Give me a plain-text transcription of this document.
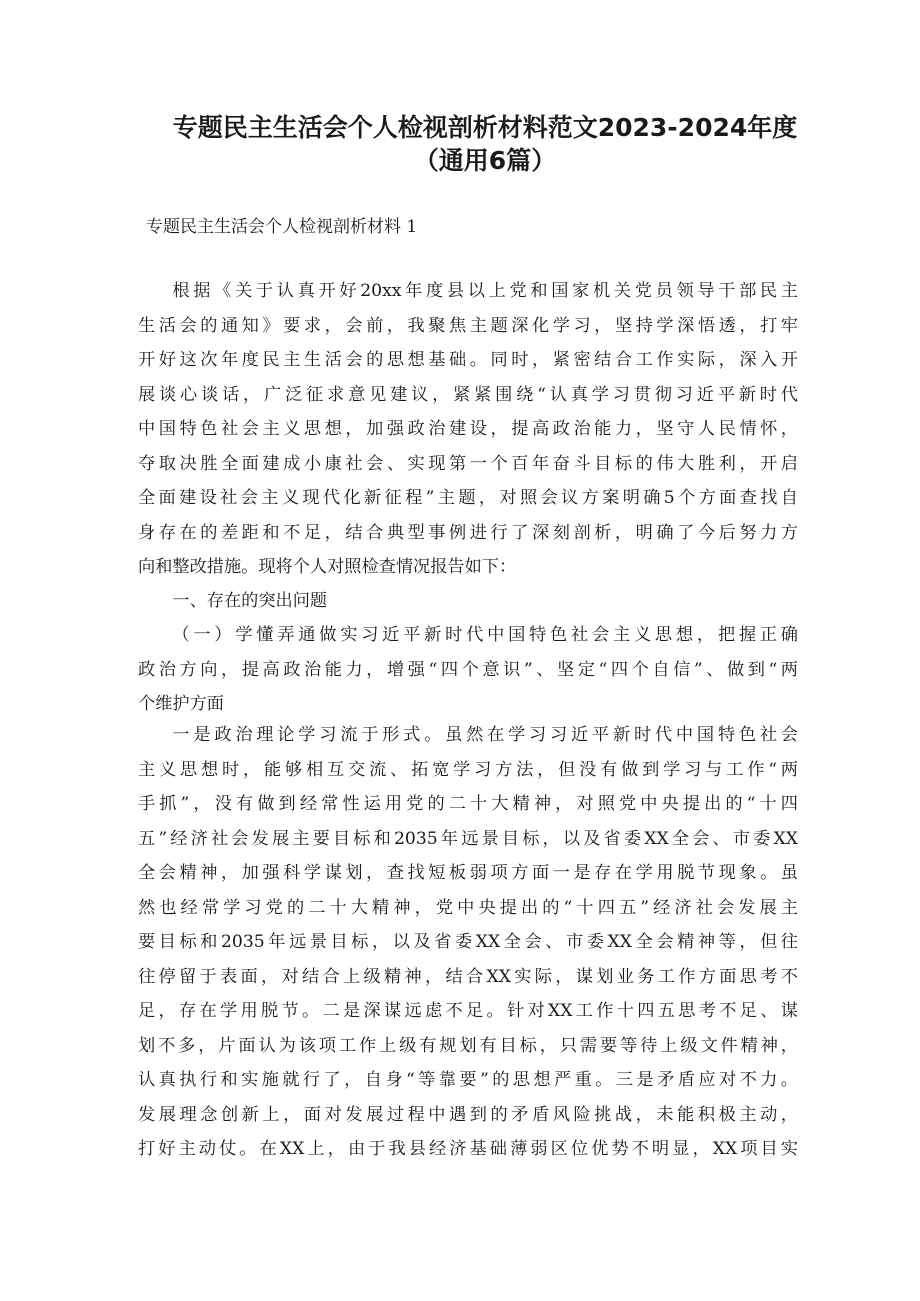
专题民主生活会个人检视剖析材料范文2023-2024年度
（通用6篇）

专题民主生活会个人检视剖析材料 1

根据《关于认真开好20xx年度县以上党和国家机关党员领导干部民主
生活会的通知》要求，会前，我聚焦主题深化学习，坚持学深悟透，打牢
开好这次年度民主生活会的思想基础。同时，紧密结合工作实际，深入开
展谈心谈话，广泛征求意见建议，紧紧围绕“认真学习贯彻习近平新时代
中国特色社会主义思想，加强政治建设，提高政治能力，坚守人民情怀，
夺取决胜全面建成小康社会、实现第一个百年奋斗目标的伟大胜利，开启
全面建设社会主义现代化新征程”主题，对照会议方案明确5个方面查找自
身存在的差距和不足，结合典型事例进行了深刻剖析，明确了今后努力方
向和整改措施。现将个人对照检查情况报告如下：
一、存在的突出问题
（一）学懂弄通做实习近平新时代中国特色社会主义思想，把握正确
政治方向，提高政治能力，增强“四个意识”、坚定“四个自信”、做到“两
个维护方面
一是政治理论学习流于形式。虽然在学习习近平新时代中国特色社会
主义思想时，能够相互交流、拓宽学习方法，但没有做到学习与工作“两
手抓”，没有做到经常性运用党的二十大精神，对照党中央提出的“十四
五”经济社会发展主要目标和2035年远景目标，以及省委XX全会、市委XX
全会精神，加强科学谋划，查找短板弱项方面一是存在学用脱节现象。虽
然也经常学习党的二十大精神，党中央提出的“十四五”经济社会发展主
要目标和2035年远景目标，以及省委XX全会、市委XX全会精神等，但往
往停留于表面，对结合上级精神，结合XX实际，谋划业务工作方面思考不
足，存在学用脱节。二是深谋远虑不足。针对XX工作十四五思考不足、谋
划不多，片面认为该项工作上级有规划有目标，只需要等待上级文件精神，
认真执行和实施就行了，自身“等靠要”的思想严重。三是矛盾应对不力。
发展理念创新上，面对发展过程中遇到的矛盾风险挑战，未能积极主动，
打好主动仗。在XX上，由于我县经济基础薄弱区位优势不明显，XX项目实
